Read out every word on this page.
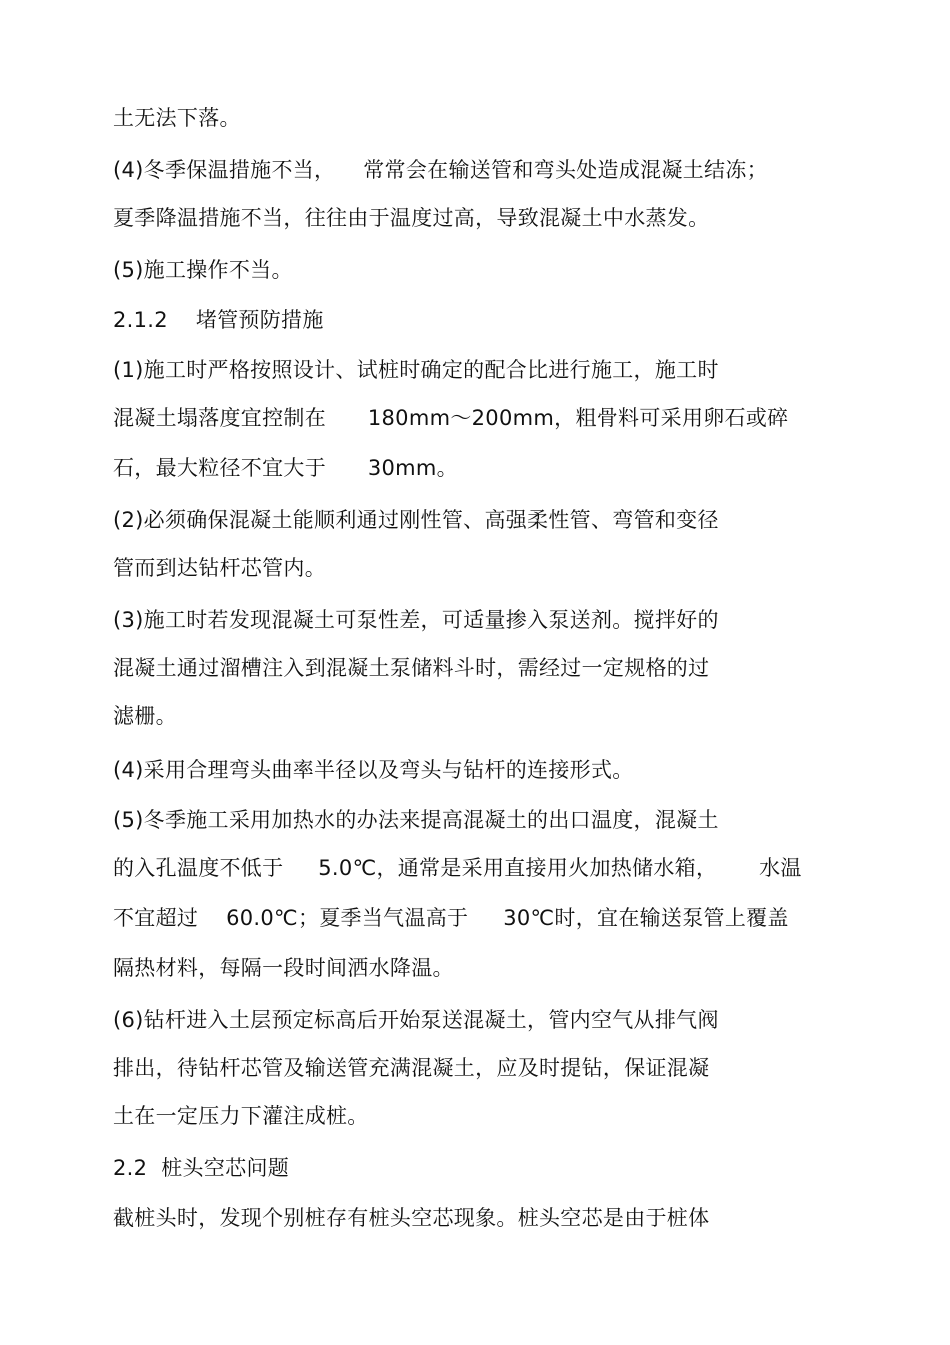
土无法下落。
(4)冬季保温措施不当，    常常会在输送管和弯头处造成混凝土结冻；
夏季降温措施不当，往往由于温度过高，导致混凝土中水蒸发。
(5)施工操作不当。
2.1.2    堵管预防措施
(1)施工时严格按照设计、试桩时确定的配合比进行施工，施工时
混凝土塌落度宜控制在      180mm～200mm，粗骨料可采用卵石或碎
石，最大粒径不宜大于      30mm。
(2)必须确保混凝土能顺利通过刚性管、高强柔性管、弯管和变径
管而到达钻杆芯管内。
(3)施工时若发现混凝土可泵性差，可适量掺入泵送剂。搅拌好的
混凝土通过溜槽注入到混凝土泵储料斗时，需经过一定规格的过
滤栅。
(4)采用合理弯头曲率半径以及弯头与钻杆的连接形式。
(5)冬季施工采用加热水的办法来提高混凝土的出口温度，混凝土
的入孔温度不低于     5.0℃，通常是采用直接用火加热储水箱，      水温
不宜超过    60.0℃；夏季当气温高于     30℃时，宜在输送泵管上覆盖
隔热材料，每隔一段时间洒水降温。
(6)钻杆进入土层预定标高后开始泵送混凝土，管内空气从排气阀
排出，待钻杆芯管及输送管充满混凝土，应及时提钻，保证混凝
土在一定压力下灌注成桩。
2.2  桩头空芯问题
截桩头时，发现个别桩存有桩头空芯现象。桩头空芯是由于桩体
